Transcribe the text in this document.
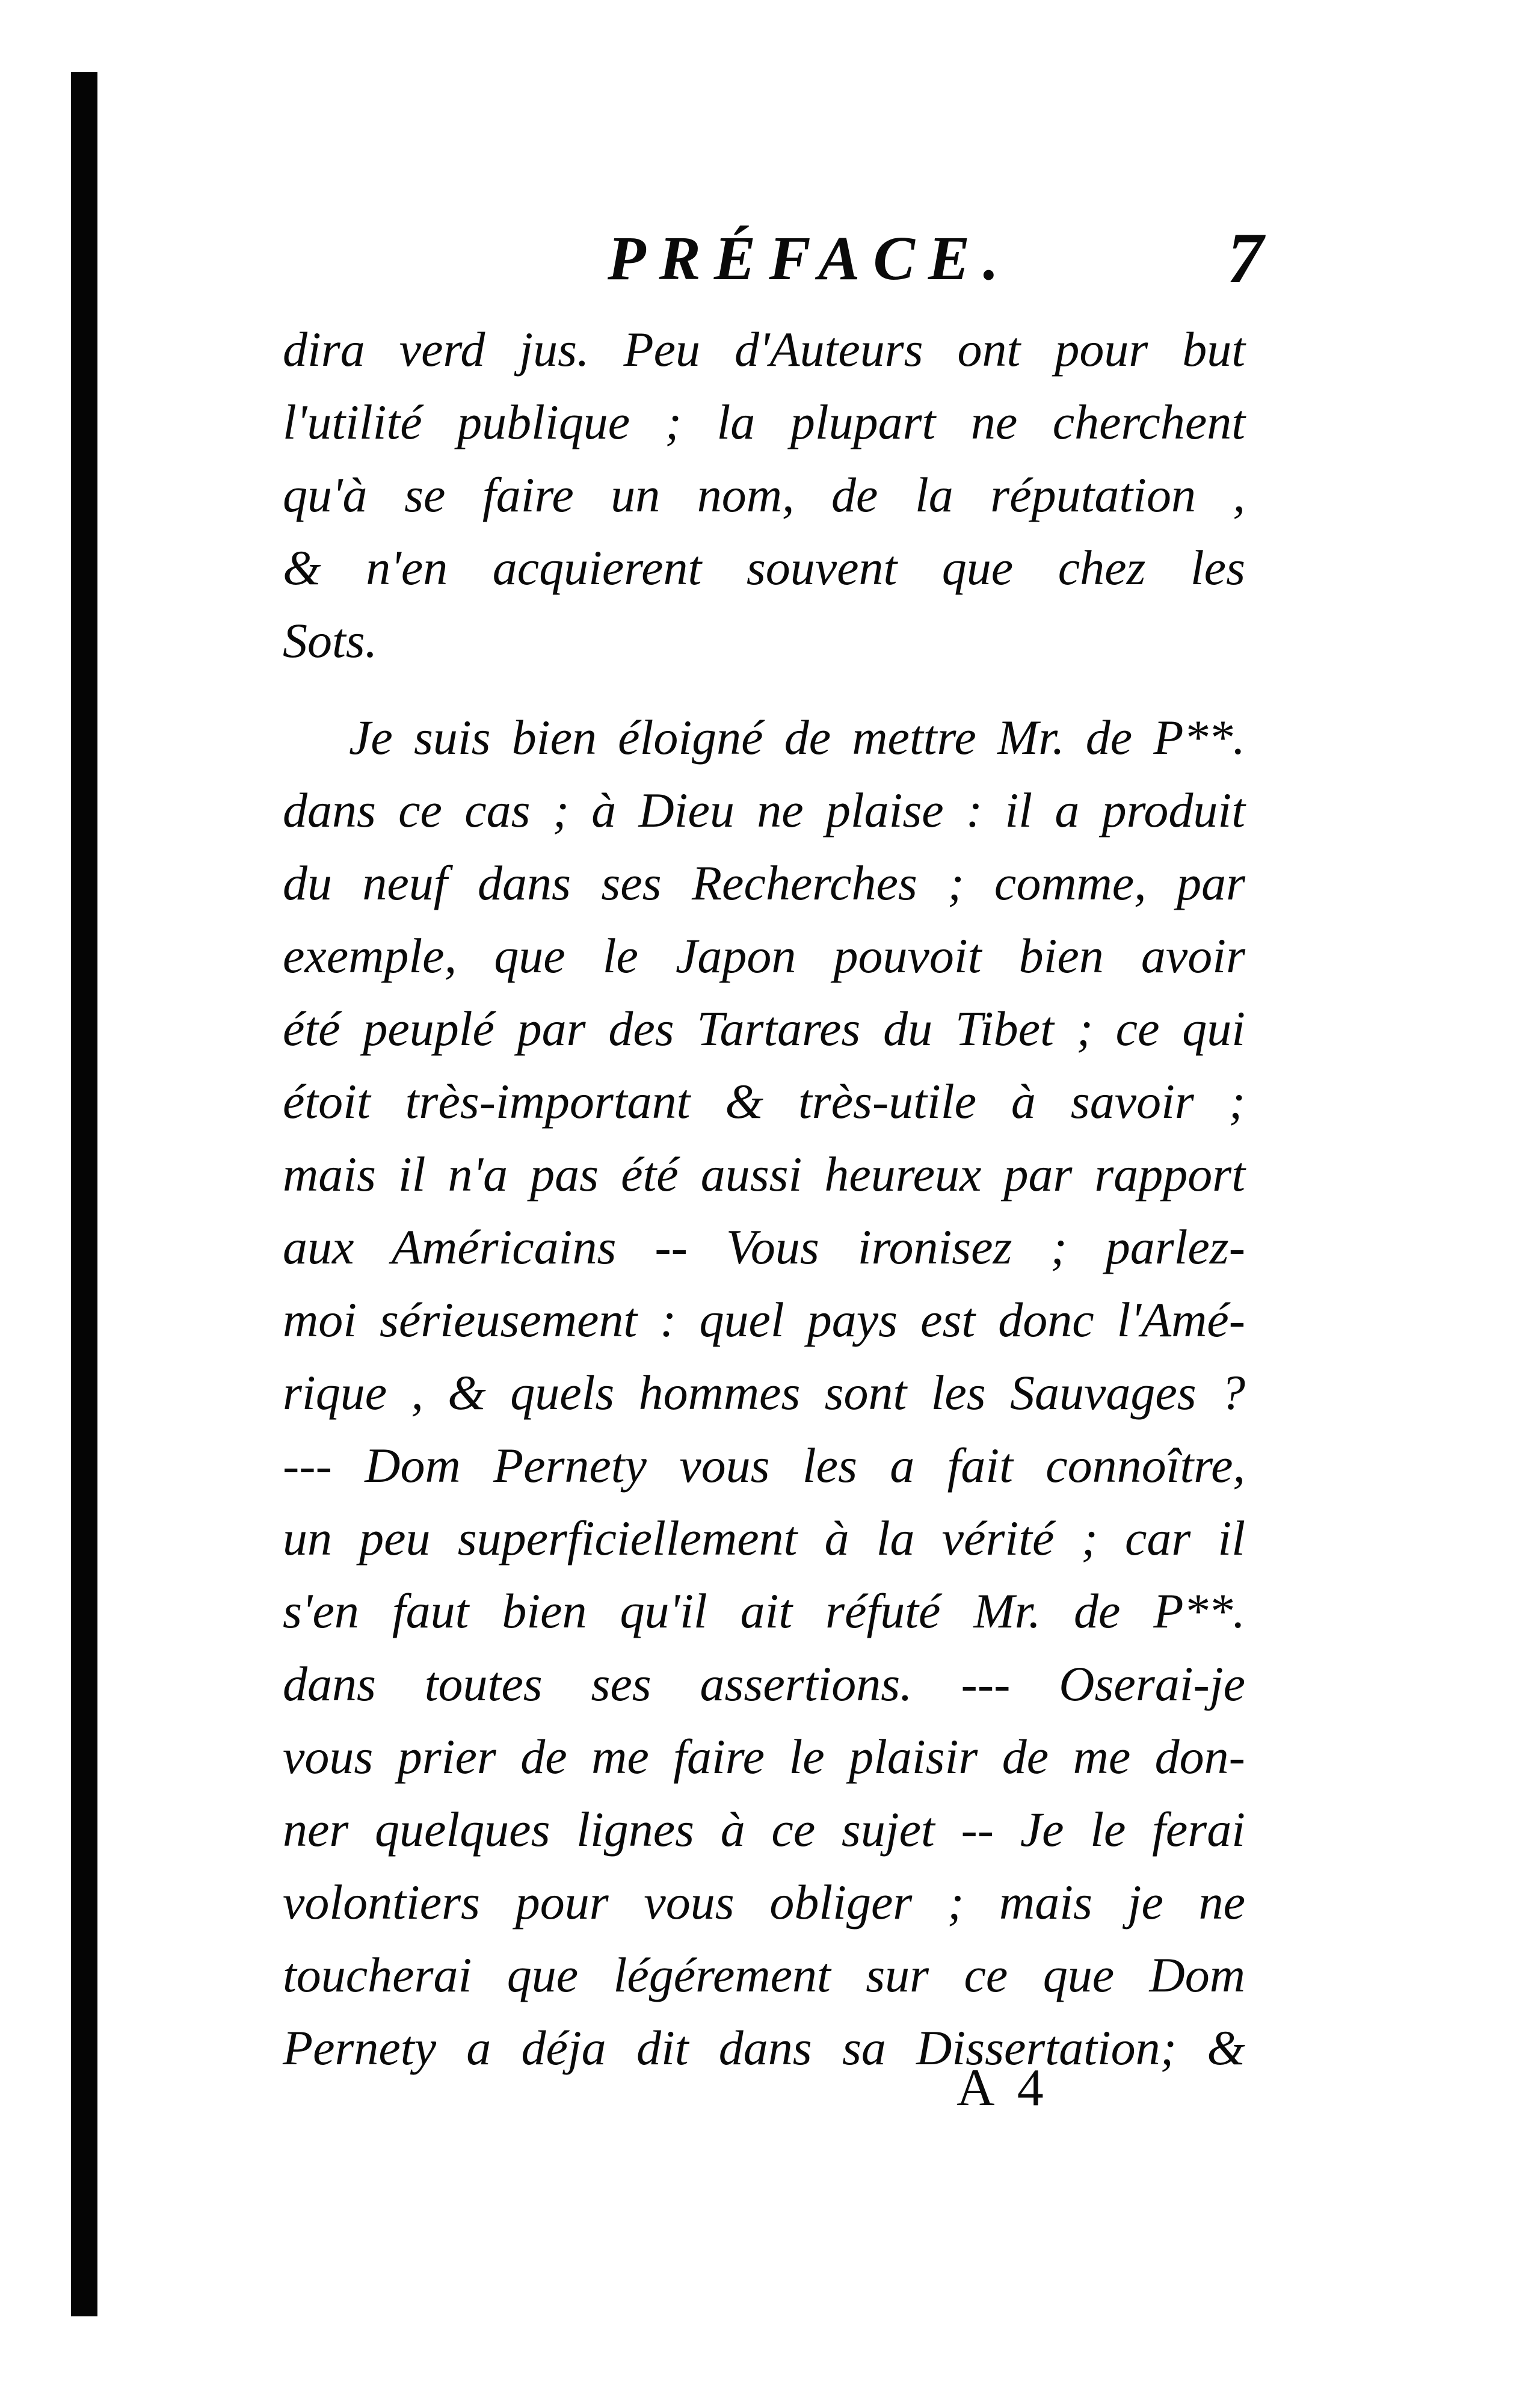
PRÉFACE.	7
dira verd jus. Peu d'Auteurs ont pour but
l'utilité publique ; la plupart ne cherchent
qu'à se faire un nom, de la réputation ,
& n'en acquierent souvent que chez les
Sots.
Je suis bien éloigné de mettre Mr. de P**.
dans ce cas ; à Dieu ne plaise : il a produit
du neuf dans ses Recherches ; comme, par
exemple, que le Japon pouvoit bien avoir
été peuplé par des Tartares du Tibet ; ce qui
étoit très-important & très-utile à savoir ;
mais il n'a pas été aussi heureux par rapport
aux Américains -- Vous ironisez ; parlez-
moi sérieusement : quel pays est donc l'Amé-
rique , & quels hommes sont les Sauvages ?
--- Dom Pernety vous les a fait connoître,
un peu superficiellement à la vérité ; car il
s'en faut bien qu'il ait réfuté Mr. de P**.
dans toutes ses assertions. --- Oserai-je
vous prier de me faire le plaisir de me don-
ner quelques lignes à ce sujet -- Je le ferai
volontiers pour vous obliger ; mais je ne
toucherai que légérement sur ce que Dom
Pernety a déja dit dans sa Dissertation; &
A 4
